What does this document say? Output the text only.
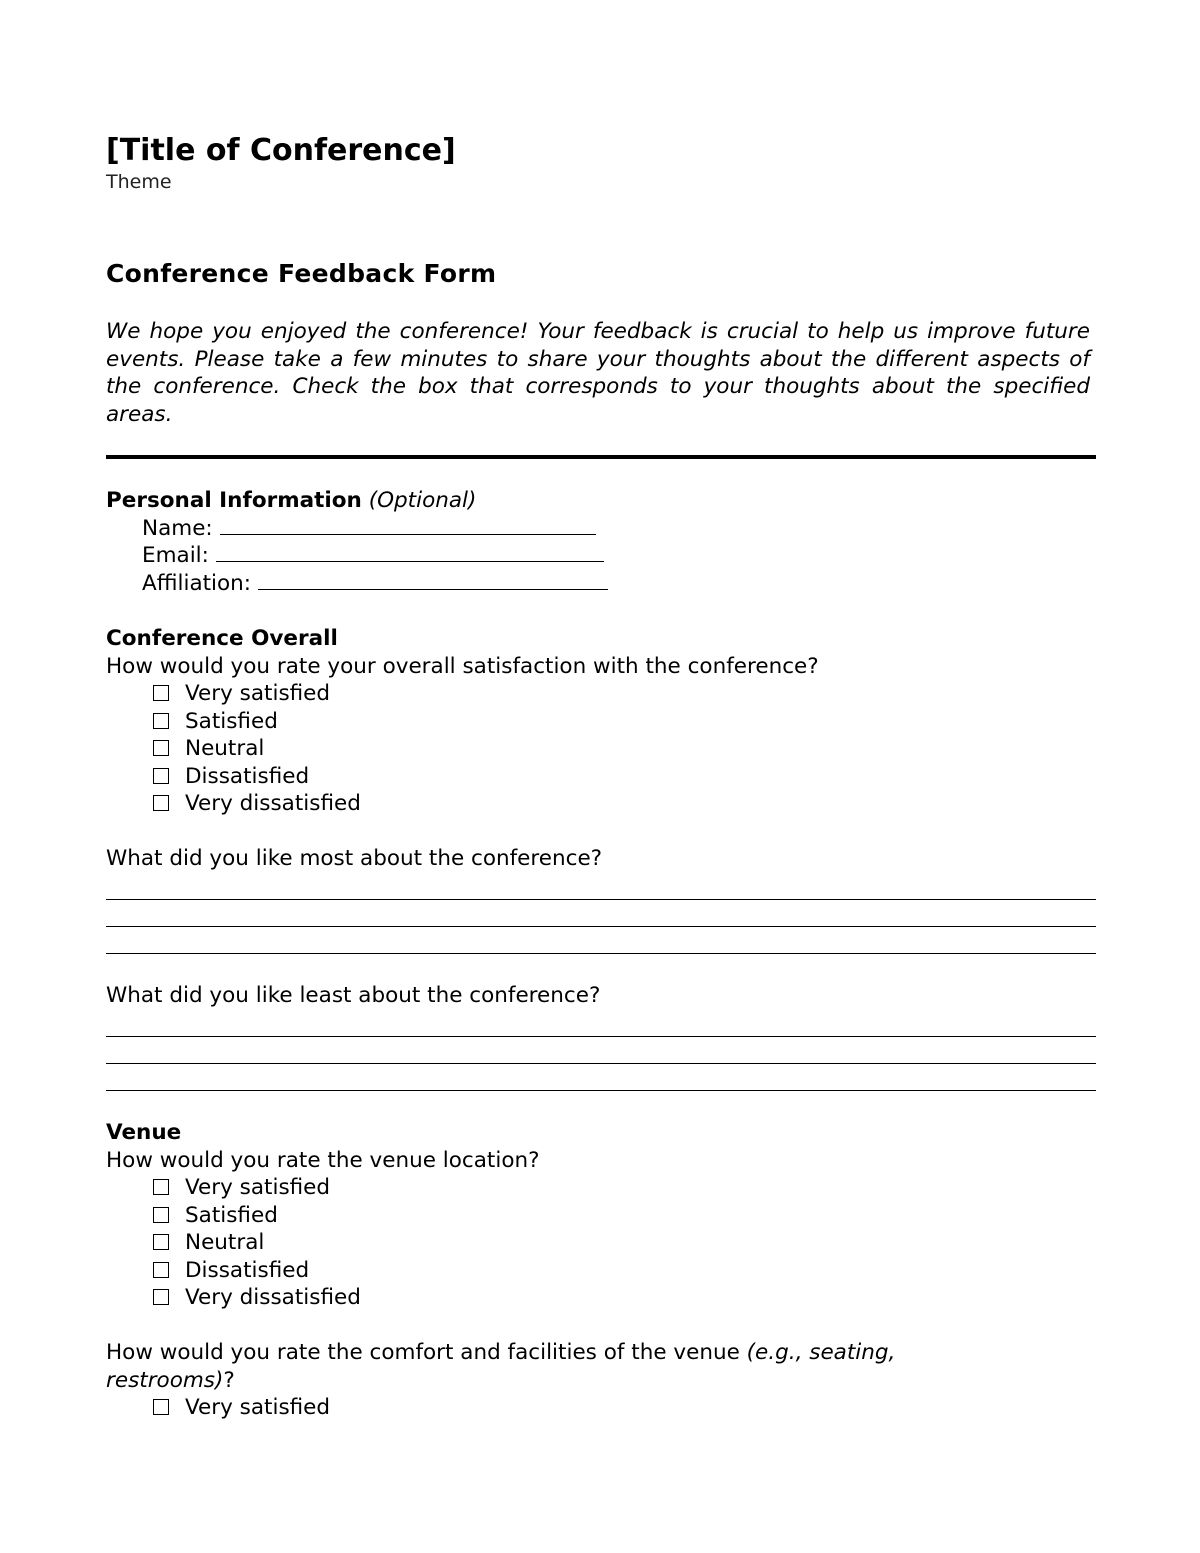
[Title of Conference]
Theme
Conference Feedback Form
We hope you enjoyed the conference! Your feedback is crucial to help us improve future events. Please take a few minutes to share your thoughts about the different aspects of the conference. Check the box that corresponds to your thoughts about the specified areas.
Personal Information (Optional)
Name:
Email:
Affiliation:
Conference Overall
How would you rate your overall satisfaction with the conference?
Very satisfied
Satisfied
Neutral
Dissatisfied
Very dissatisfied
What did you like most about the conference?
What did you like least about the conference?
Venue
How would you rate the venue location?
Very satisfied
Satisfied
Neutral
Dissatisfied
Very dissatisfied
How would you rate the comfort and facilities of the venue (e.g., seating, restrooms)?
Very satisfied
